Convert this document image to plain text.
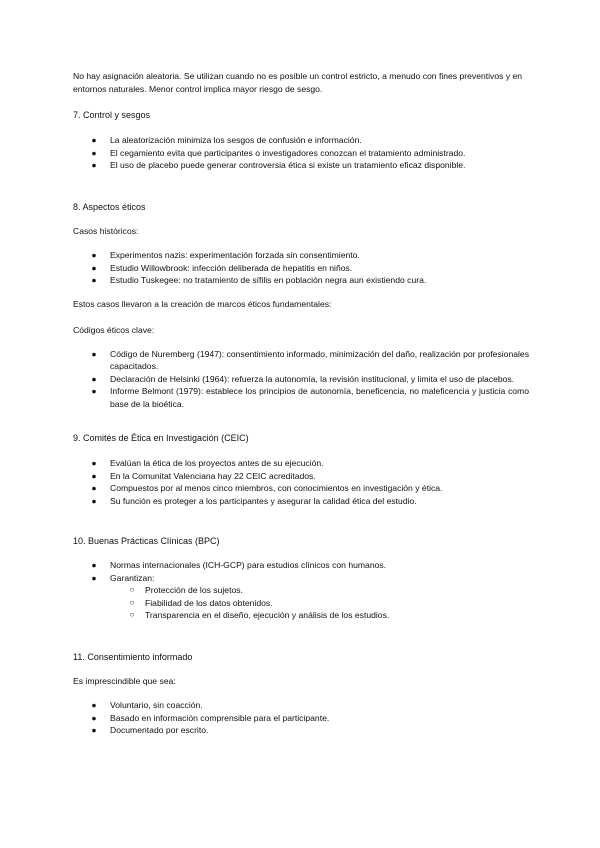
No hay asignación aleatoria. Se utilizan cuando no es posible un control estricto, a menudo con fines preventivos y en entornos naturales. Menor control implica mayor riesgo de sesgo.

7. Control y sesgos
● La aleatorización minimiza los sesgos de confusión e información.
● El cegamiento evita que participantes o investigadores conozcan el tratamiento administrado.
● El uso de placebo puede generar controversia ética si existe un tratamiento eficaz disponible.
8. Aspectos éticos

Casos históricos:

● Experimentos nazis: experimentación forzada sin consentimiento.
● Estudio Willowbrook: infección deliberada de hepatitis en niños.
● Estudio Tuskegee: no tratamiento de sífilis en población negra aun existiendo cura.

Estos casos llevaron a la creación de marcos éticos fundamentales:

Códigos éticos clave:

● Código de Nuremberg (1947): consentimiento informado, minimización del daño, realización por profesionales capacitados.
● Declaración de Helsinki (1964): refuerza la autonomía, la revisión institucional, y limita el uso de placebos.
● Informe Belmont (1979): establece los principios de autonomía, beneficencia, no maleficencia y justicia como base de la bioética.
9. Comités de Ética en Investigación (CEIC)
● Evalúan la ética de los proyectos antes de su ejecución.
● En la Comunitat Valenciana hay 22 CEIC acreditados.
● Compuestos por al menos cinco miembros, con conocimientos en investigación y ética.
● Su función es proteger a los participantes y asegurar la calidad ética del estudio.
10. Buenas Prácticas Clínicas (BPC)
● Normas internacionales (ICH-GCP) para estudios clínicos con humanos.
● Garantizan:
○ Protección de los sujetos.
○ Fiabilidad de los datos obtenidos.
○ Transparencia en el diseño, ejecución y análisis de los estudios.
11. Consentimiento informado

Es imprescindible que sea:

● Voluntario, sin coacción.
● Basado en información comprensible para el participante.
● Documentado por escrito.
